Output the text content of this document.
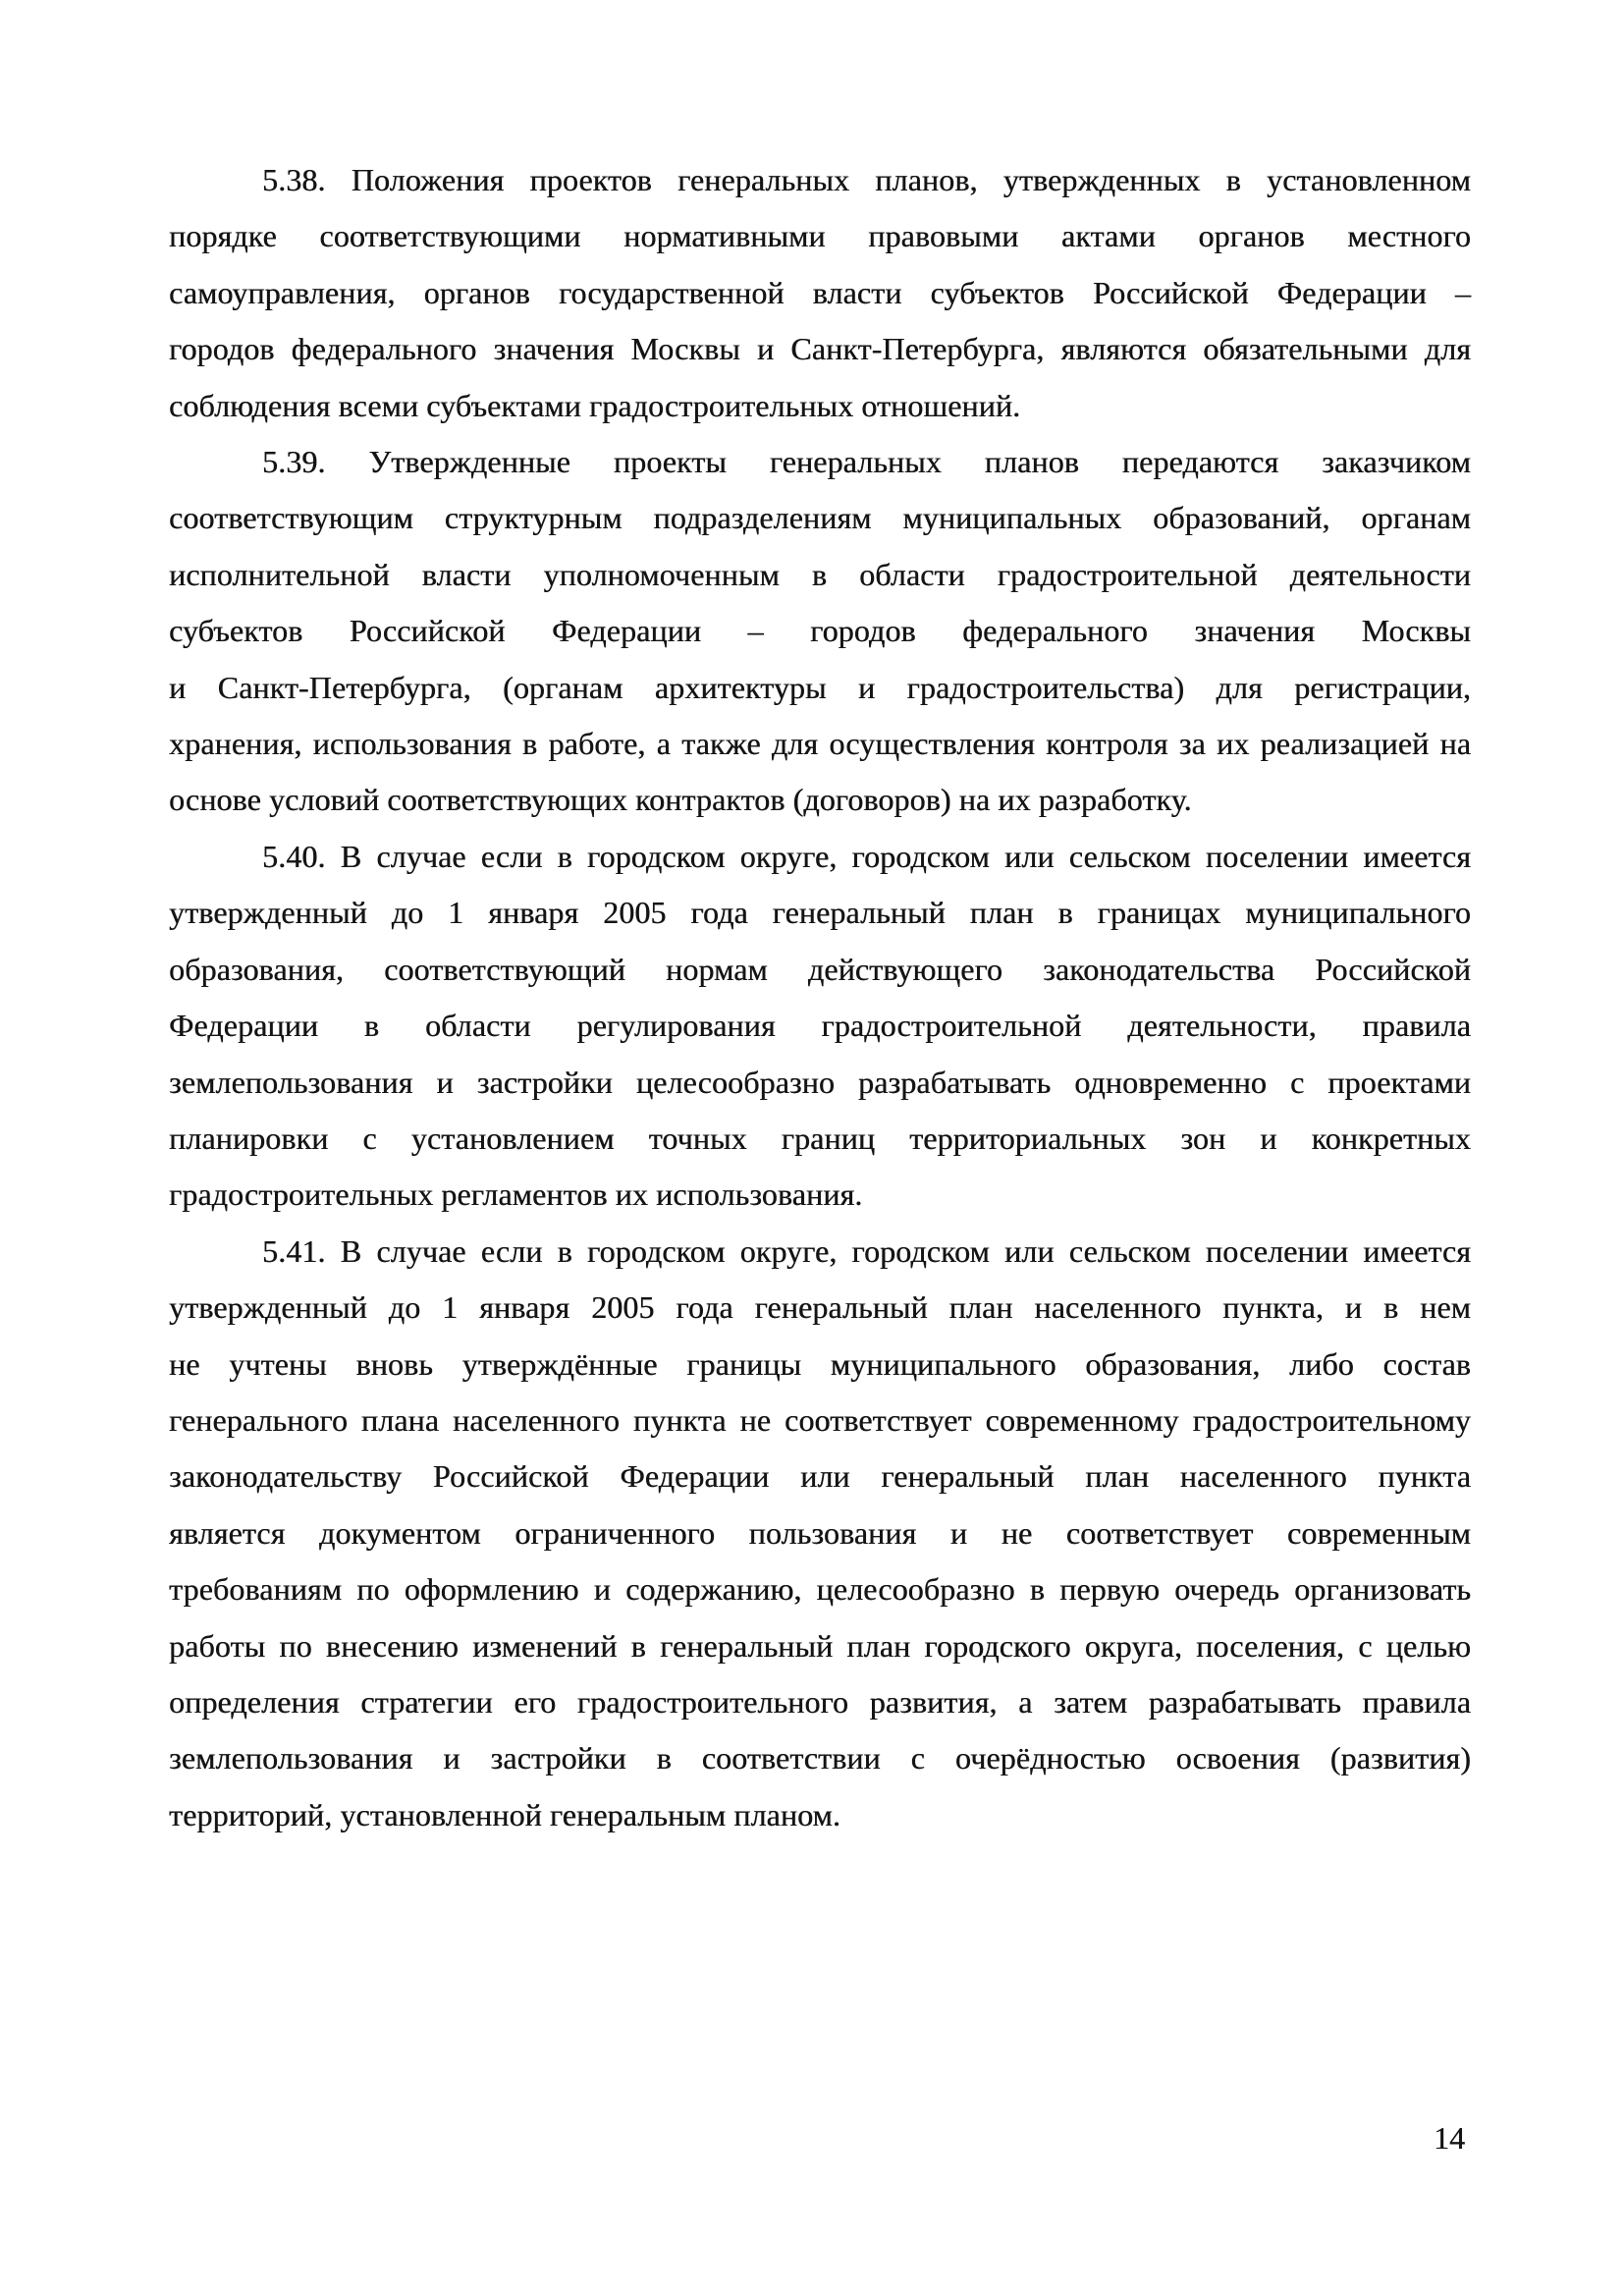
5.38. Положения проектов генеральных планов, утвержденных в установленном
порядке соответствующими нормативными правовыми актами органов местного
самоуправления, органов государственной власти субъектов Российской Федерации –
городов федерального значения Москвы и Санкт-Петербурга, являются обязательными для
соблюдения всеми субъектами градостроительных отношений.
5.39. Утвержденные проекты генеральных планов передаются заказчиком
соответствующим структурным подразделениям муниципальных образований, органам
исполнительной власти уполномоченным в области градостроительной деятельности
субъектов Российской Федерации – городов федерального значения Москвы
и Санкт-Петербурга, (органам архитектуры и градостроительства) для регистрации,
хранения, использования в работе, а также для осуществления контроля за их реализацией на
основе условий соответствующих контрактов (договоров) на их разработку.
5.40. В случае если в городском округе, городском или сельском поселении имеется
утвержденный до 1 января 2005 года генеральный план в границах муниципального
образования, соответствующий нормам действующего законодательства Российской
Федерации в области регулирования градостроительной деятельности, правила
землепользования и застройки целесообразно разрабатывать одновременно с проектами
планировки с установлением точных границ территориальных зон и конкретных
градостроительных регламентов их использования.
5.41. В случае если в городском округе, городском или сельском поселении имеется
утвержденный до 1 января 2005 года генеральный план населенного пункта, и в нем
не учтены вновь утверждённые границы муниципального образования, либо состав
генерального плана населенного пункта не соответствует современному градостроительному
законодательству Российской Федерации или генеральный план населенного пункта
является документом ограниченного пользования и не соответствует современным
требованиям по оформлению и содержанию, целесообразно в первую очередь организовать
работы по внесению изменений в генеральный план городского округа, поселения, с целью
определения стратегии его градостроительного развития, а затем разрабатывать правила
землепользования и застройки в соответствии с очерёдностью освоения (развития)
территорий, установленной генеральным планом.
14
